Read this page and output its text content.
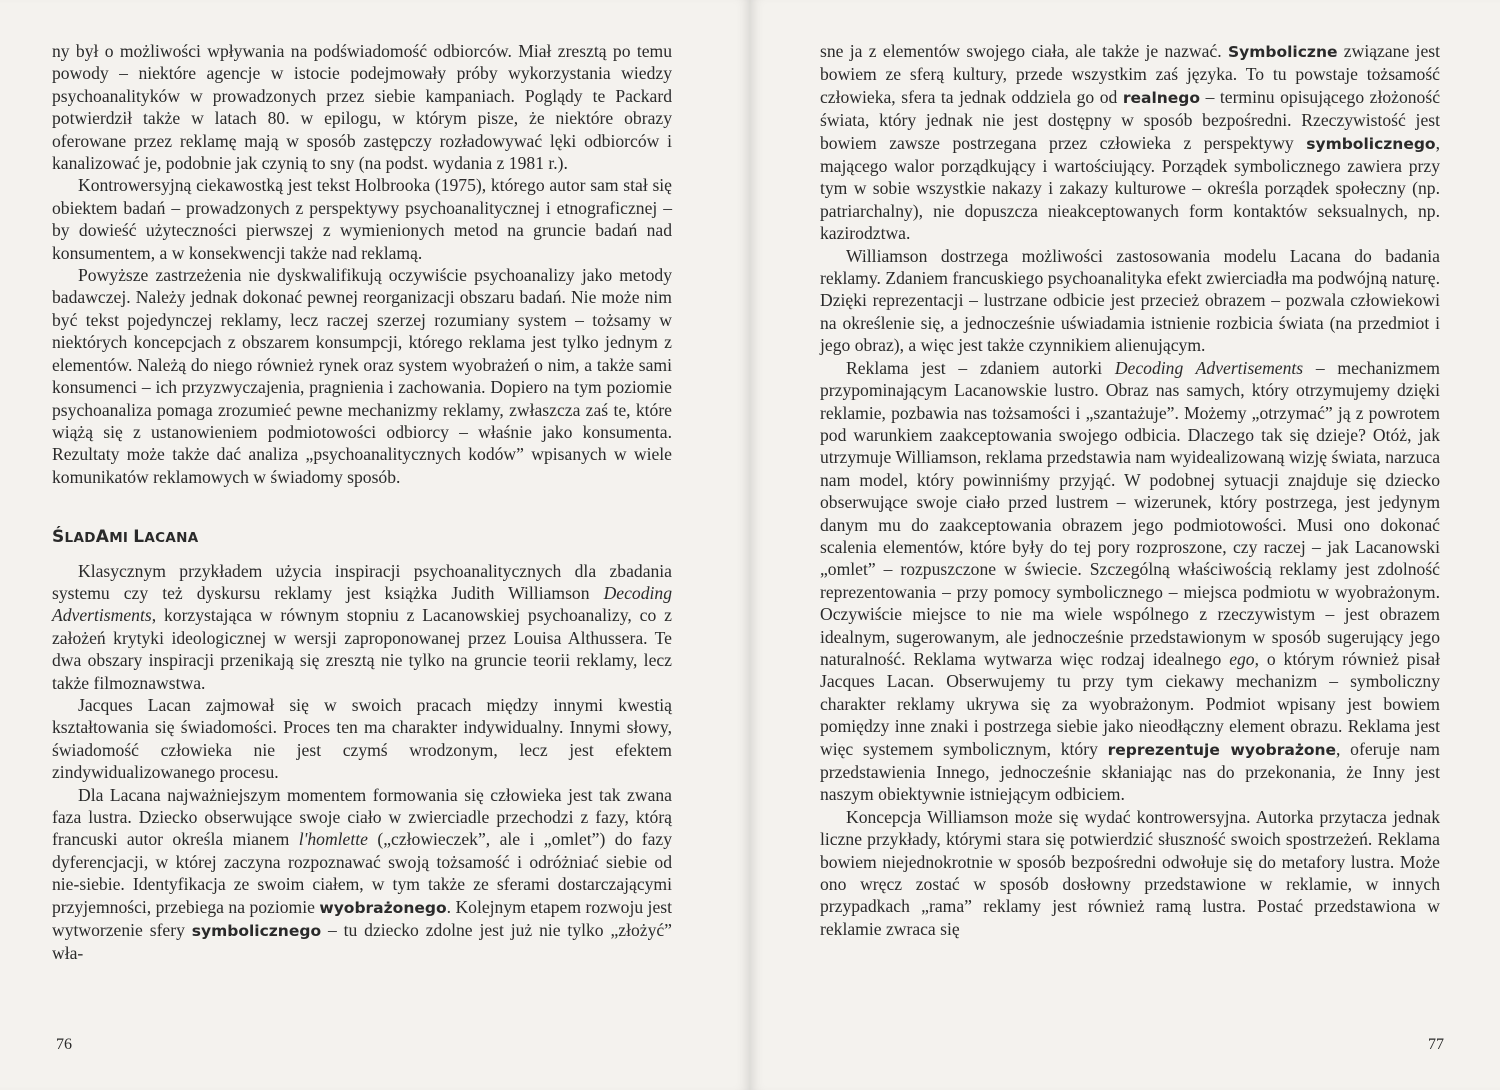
ny był o możliwości wpływania na podświadomość odbiorców. Miał zresztą po temu powody – niektóre agencje w istocie podejmowały próby wykorzystania wiedzy psychoanalityków w prowadzonych przez siebie kampaniach. Poglądy te Packard potwierdził także w latach 80. w epilogu, w którym pisze, że niektóre obrazy oferowane przez reklamę mają w sposób zastępczy rozładowywać lęki odbiorców i kanalizować je, podobnie jak czynią to sny (na podst. wydania z 1981 r.).

Kontrowersyjną ciekawostką jest tekst Holbrooka (1975), którego autor sam stał się obiektem badań – prowadzonych z perspektywy psychoanalitycznej i etnograficznej – by dowieść użyteczności pierwszej z wymienionych metod na gruncie badań nad konsumentem, a w konsekwencji także nad reklamą.

Powyższe zastrzeżenia nie dyskwalifikują oczywiście psychoanalizy jako metody badawczej. Należy jednak dokonać pewnej reorganizacji obszaru badań. Nie może nim być tekst pojedynczej reklamy, lecz raczej szerzej rozumiany system – tożsamy w niektórych koncepcjach z obszarem konsumpcji, którego reklama jest tylko jednym z elementów. Należą do niego również rynek oraz system wyobrażeń o nim, a także sami konsumenci – ich przyzwyczajenia, pragnienia i zachowania. Dopiero na tym poziomie psychoanaliza pomaga zrozumieć pewne mechanizmy reklamy, zwłaszcza zaś te, które wiążą się z ustanowieniem podmiotowości odbiorcy – właśnie jako konsumenta. Rezultaty może także dać analiza „psychoanalitycznych kodów” wpisanych w wiele komunikatów reklamowych w świadomy sposób.

ŚLADAMI LACANA

Klasycznym przykładem użycia inspiracji psychoanalitycznych dla zbadania systemu czy też dyskursu reklamy jest książka Judith Williamson Decoding Advertisments, korzystająca w równym stopniu z Lacanowskiej psychoanalizy, co z założeń krytyki ideologicznej w wersji zaproponowanej przez Louisa Althussera. Te dwa obszary inspiracji przenikają się zresztą nie tylko na gruncie teorii reklamy, lecz także filmoznawstwa.

Jacques Lacan zajmował się w swoich pracach między innymi kwestią kształtowania się świadomości. Proces ten ma charakter indywidualny. Innymi słowy, świadomość człowieka nie jest czymś wrodzonym, lecz jest efektem zindywidualizowanego procesu.

Dla Lacana najważniejszym momentem formowania się człowieka jest tak zwana faza lustra. Dziecko obserwujące swoje ciało w zwierciadle przechodzi z fazy, którą francuski autor określa mianem l'homlette („człowieczek”, ale i „omlet”) do fazy dyferencjacji, w której zaczyna rozpoznawać swoją tożsamość i odróżniać siebie od nie-siebie. Identyfikacja ze swoim ciałem, w tym także ze sferami dostarczającymi przyjemności, przebiega na poziomie wyobrażonego. Kolejnym etapem rozwoju jest wytworzenie sfery symbolicznego – tu dziecko zdolne jest już nie tylko „złożyć” wła-

76

sne ja z elementów swojego ciała, ale także je nazwać. Symboliczne związane jest bowiem ze sferą kultury, przede wszystkim zaś języka. To tu powstaje tożsamość człowieka, sfera ta jednak oddziela go od realnego – terminu opisującego złożoność świata, który jednak nie jest dostępny w sposób bezpośredni. Rzeczywistość jest bowiem zawsze postrzegana przez człowieka z perspektywy symbolicznego, mającego walor porządkujący i wartościujący. Porządek symbolicznego zawiera przy tym w sobie wszystkie nakazy i zakazy kulturowe – określa porządek społeczny (np. patriarchalny), nie dopuszcza nieakceptowanych form kontaktów seksualnych, np. kazirodztwa.

Williamson dostrzega możliwości zastosowania modelu Lacana do badania reklamy. Zdaniem francuskiego psychoanalityka efekt zwierciadła ma podwójną naturę. Dzięki reprezentacji – lustrzane odbicie jest przecież obrazem – pozwala człowiekowi na określenie się, a jednocześnie uświadamia istnienie rozbicia świata (na przedmiot i jego obraz), a więc jest także czynnikiem alienującym.

Reklama jest – zdaniem autorki Decoding Advertisements – mechanizmem przypominającym Lacanowskie lustro. Obraz nas samych, który otrzymujemy dzięki reklamie, pozbawia nas tożsamości i „szantażuje”. Możemy „otrzymać” ją z powrotem pod warunkiem zaakceptowania swojego odbicia. Dlaczego tak się dzieje? Otóż, jak utrzymuje Williamson, reklama przedstawia nam wyidealizowaną wizję świata, narzuca nam model, który powinniśmy przyjąć. W podobnej sytuacji znajduje się dziecko obserwujące swoje ciało przed lustrem – wizerunek, który postrzega, jest jedynym danym mu do zaakceptowania obrazem jego podmiotowości. Musi ono dokonać scalenia elementów, które były do tej pory rozproszone, czy raczej – jak Lacanowski „omlet” – rozpuszczone w świecie. Szczególną właściwością reklamy jest zdolność reprezentowania – przy pomocy symbolicznego – miejsca podmiotu w wyobrażonym. Oczywiście miejsce to nie ma wiele wspólnego z rzeczywistym – jest obrazem idealnym, sugerowanym, ale jednocześnie przedstawionym w sposób sugerujący jego naturalność. Reklama wytwarza więc rodzaj idealnego ego, o którym również pisał Jacques Lacan. Obserwujemy tu przy tym ciekawy mechanizm – symboliczny charakter reklamy ukrywa się za wyobrażonym. Podmiot wpisany jest bowiem pomiędzy inne znaki i postrzega siebie jako nieodłączny element obrazu. Reklama jest więc systemem symbolicznym, który reprezentuje wyobrażone, oferuje nam przedstawienia Innego, jednocześnie skłaniając nas do przekonania, że Inny jest naszym obiektywnie istniejącym odbiciem.

Koncepcja Williamson może się wydać kontrowersyjna. Autorka przytacza jednak liczne przykłady, którymi stara się potwierdzić słuszność swoich spostrzeżeń. Reklama bowiem niejednokrotnie w sposób bezpośredni odwołuje się do metafory lustra. Może ono wręcz zostać w sposób dosłowny przedstawione w reklamie, w innych przypadkach „rama” reklamy jest również ramą lustra. Postać przedstawiona w reklamie zwraca się

77
